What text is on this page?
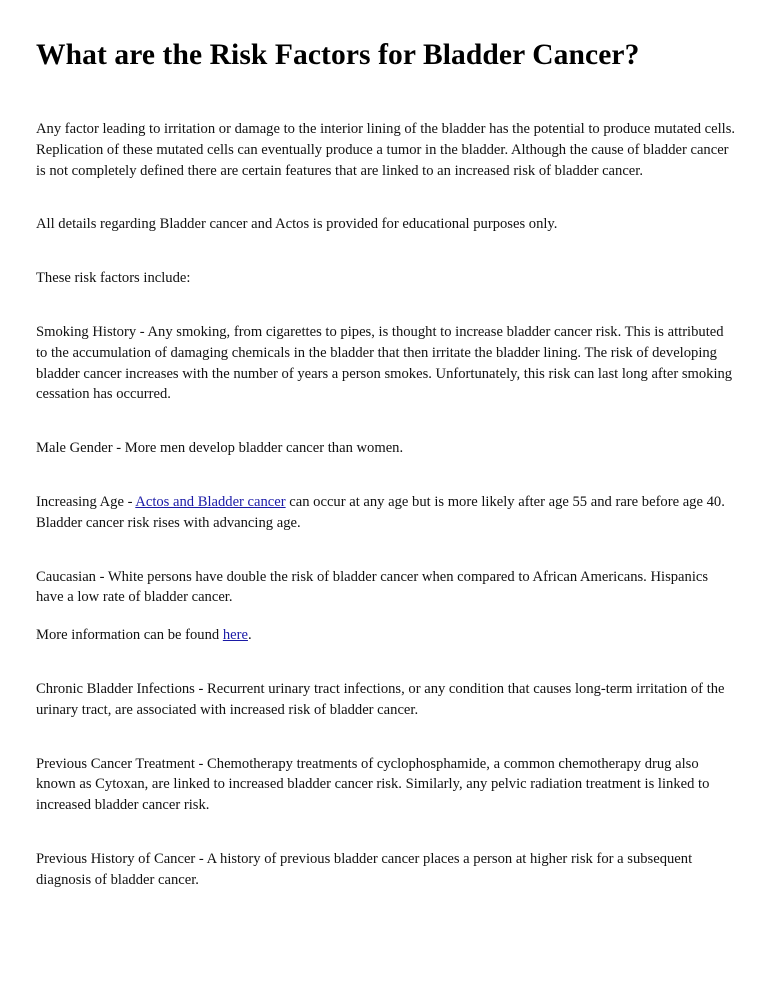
What are the Risk Factors for Bladder Cancer?

Any factor leading to irritation or damage to the interior lining of the bladder has the potential to produce mutated cells. Replication of these mutated cells can eventually produce a tumor in the bladder. Although the cause of bladder cancer is not completely defined there are certain features that are linked to an increased risk of bladder cancer.

All details regarding Bladder cancer and Actos is provided for educational purposes only.

These risk factors include:

Smoking History - Any smoking, from cigarettes to pipes, is thought to increase bladder cancer risk. This is attributed to the accumulation of damaging chemicals in the bladder that then irritate the bladder lining. The risk of developing bladder cancer increases with the number of years a person smokes. Unfortunately, this risk can last long after smoking cessation has occurred.

Male Gender - More men develop bladder cancer than women.

Increasing Age - Actos and Bladder cancer can occur at any age but is more likely after age 55 and rare before age 40. Bladder cancer risk rises with advancing age.

Caucasian - White persons have double the risk of bladder cancer when compared to African Americans. Hispanics have a low rate of bladder cancer.

More information can be found here.

Chronic Bladder Infections - Recurrent urinary tract infections, or any condition that causes long-term irritation of the urinary tract, are associated with increased risk of bladder cancer.

Previous Cancer Treatment - Chemotherapy treatments of cyclophosphamide, a common chemotherapy drug also known as Cytoxan, are linked to increased bladder cancer risk. Similarly, any pelvic radiation treatment is linked to increased bladder cancer risk.

Previous History of Cancer - A history of previous bladder cancer places a person at higher risk for a subsequent diagnosis of bladder cancer.
